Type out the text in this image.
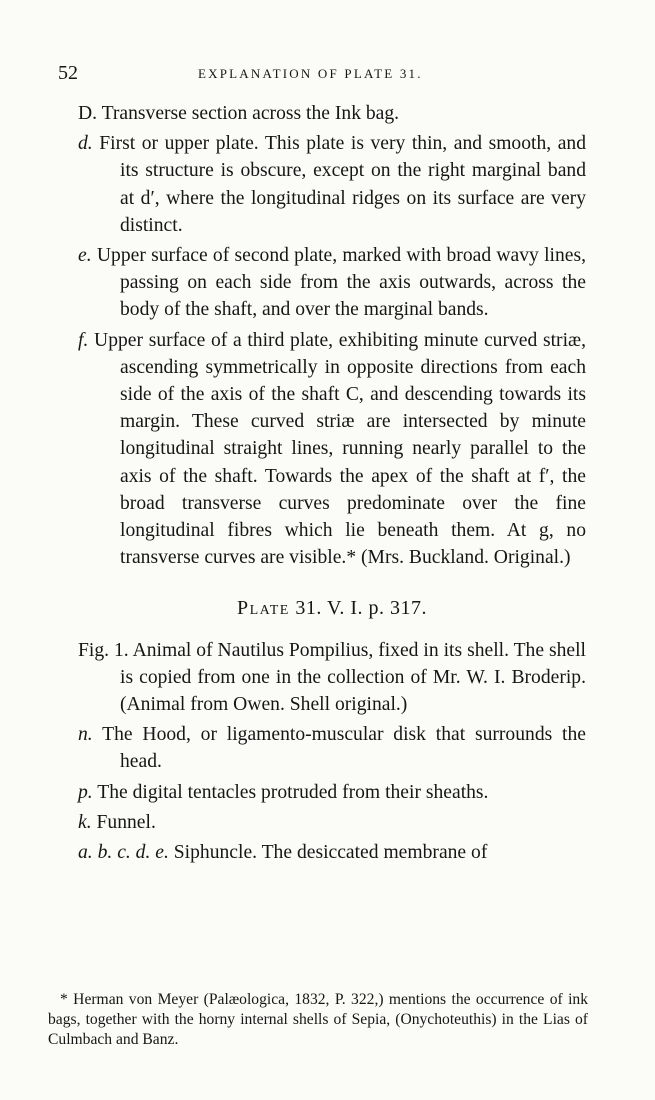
52	EXPLANATION OF PLATE 31.

D. Transverse section across the Ink bag.

d. First or upper plate. This plate is very thin, and smooth, and its structure is obscure, except on the right marginal band at d′, where the longitudinal ridges on its surface are very distinct.

e. Upper surface of second plate, marked with broad wavy lines, passing on each side from the axis outwards, across the body of the shaft, and over the marginal bands.

f. Upper surface of a third plate, exhibiting minute curved striæ, ascending symmetrically in opposite directions from each side of the axis of the shaft C, and descending towards its margin. These curved striæ are intersected by minute longitudinal straight lines, running nearly parallel to the axis of the shaft. Towards the apex of the shaft at f′, the broad transverse curves predominate over the fine longitudinal fibres which lie beneath them. At g, no transverse curves are visible.* (Mrs. Buckland. Original.)

Plate 31. V. I. p. 317.

Fig. 1. Animal of Nautilus Pompilius, fixed in its shell. The shell is copied from one in the collection of Mr. W. I. Broderip. (Animal from Owen. Shell original.)

n. The Hood, or ligamento-muscular disk that surrounds the head.

p. The digital tentacles protruded from their sheaths.

k. Funnel.

a. b. c. d. e. Siphuncle. The desiccated membrane of

* Herman von Meyer (Palæologica, 1832, P. 322,) mentions the occurrence of ink bags, together with the horny internal shells of Sepia, (Onychoteuthis) in the Lias of Culmbach and Banz.
